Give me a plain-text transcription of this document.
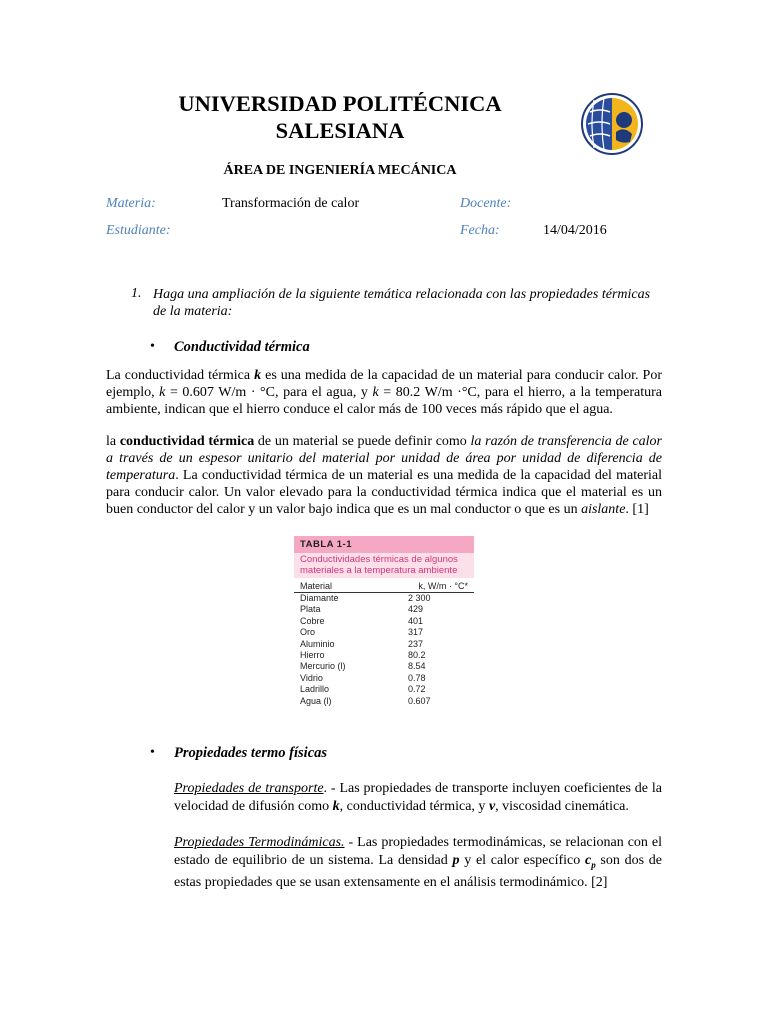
UNIVERSIDAD POLITÉCNICA
SALESIANA
ÁREA DE INGENIERÍA MECÁNICA
Materia:	Transformación de calor	Docente:
Estudiante:	Fecha:	14/04/2016
1. Haga una ampliación de la siguiente temática relacionada con las propiedades térmicas de la materia:
• Conductividad térmica
La conductividad térmica k es una medida de la capacidad de un material para conducir calor. Por ejemplo, k = 0.607 W/m · °C, para el agua, y k = 80.2 W/m ·°C, para el hierro, a la temperatura ambiente, indican que el hierro conduce el calor más de 100 veces más rápido que el agua.
la conductividad térmica de un material se puede definir como la razón de transferencia de calor a través de un espesor unitario del material por unidad de área por unidad de diferencia de temperatura. La conductividad térmica de un material es una medida de la capacidad del material para conducir calor. Un valor elevado para la conductividad térmica indica que el material es un buen conductor del calor y un valor bajo indica que es un mal conductor o que es un aislante. [1]
TABLA 1-1
Conductividades térmicas de algunos materiales a la temperatura ambiente
Material	k, W/m · °C*
Diamante	2 300
Plata	429
Cobre	401
Oro	317
Aluminio	237
Hierro	80.2
Mercurio (l)	8.54
Vidrio	0.78
Ladrillo	0.72
Agua (l)	0.607
• Propiedades termo físicas
Propiedades de transporte. - Las propiedades de transporte incluyen coeficientes de la velocidad de difusión como k, conductividad térmica, y v, viscosidad cinemática.
Propiedades Termodinámicas. - Las propiedades termodinámicas, se relacionan con el estado de equilibrio de un sistema. La densidad p y el calor específico $c_p$ son dos de estas propiedades que se usan extensamente en el análisis termodinámico. [2]
